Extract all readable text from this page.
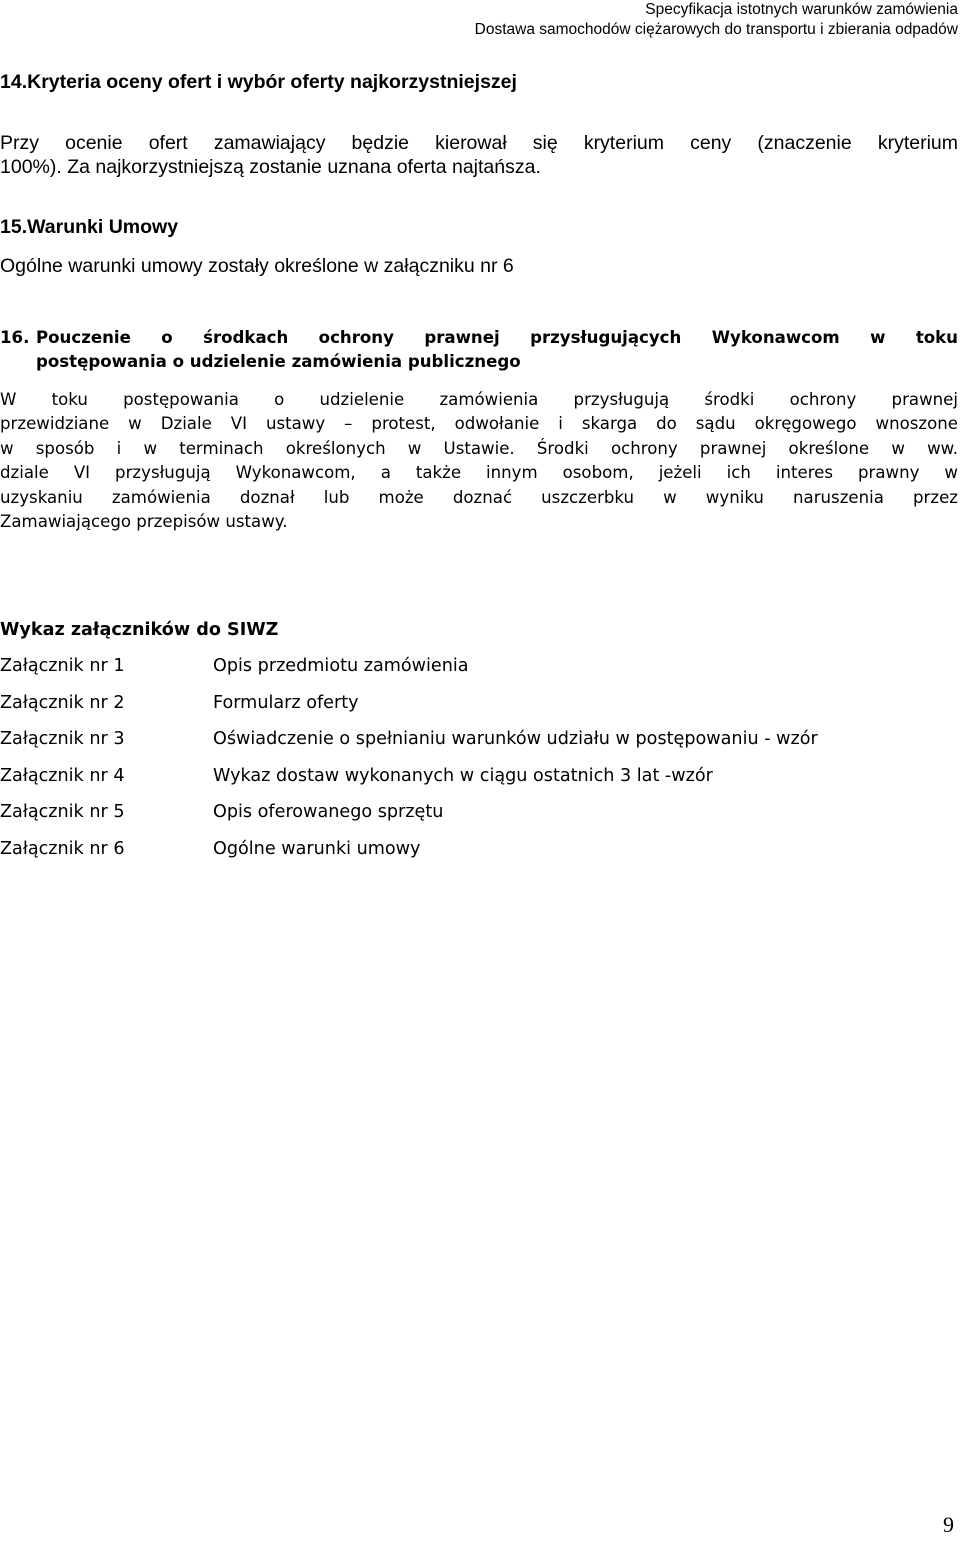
Specyfikacja istotnych warunków zamówienia
Dostawa samochodów ciężarowych do transportu i zbierania odpadów
14.Kryteria oceny ofert i wybór oferty najkorzystniejszej
Przy ocenie ofert zamawiający będzie kierował się kryterium ceny (znaczenie kryterium
100%). Za najkorzystniejszą zostanie uznana oferta najtańsza.
15.Warunki Umowy
Ogólne warunki umowy zostały określone w załączniku nr 6
16. Pouczenie o środkach ochrony prawnej przysługujących Wykonawcom w toku
postępowania o udzielenie zamówienia publicznego
W toku postępowania o udzielenie zamówienia przysługują środki ochrony prawnej
przewidziane w Dziale VI ustawy – protest, odwołanie i skarga do sądu okręgowego wnoszone
w sposób i w terminach określonych w Ustawie. Środki ochrony prawnej określone w ww.
dziale VI przysługują Wykonawcom, a także innym osobom, jeżeli ich interes prawny w
uzyskaniu zamówienia doznał lub może doznać uszczerbku w wyniku naruszenia przez
Zamawiającego przepisów ustawy.
Wykaz załączników do SIWZ
Załącznik nr 1	Opis przedmiotu zamówienia
Załącznik nr 2	Formularz oferty
Załącznik nr 3	Oświadczenie o spełnianiu warunków udziału w postępowaniu - wzór
Załącznik nr 4	Wykaz dostaw wykonanych w ciągu ostatnich 3 lat -wzór
Załącznik nr 5	Opis oferowanego sprzętu
Załącznik nr 6	Ogólne warunki umowy
9
